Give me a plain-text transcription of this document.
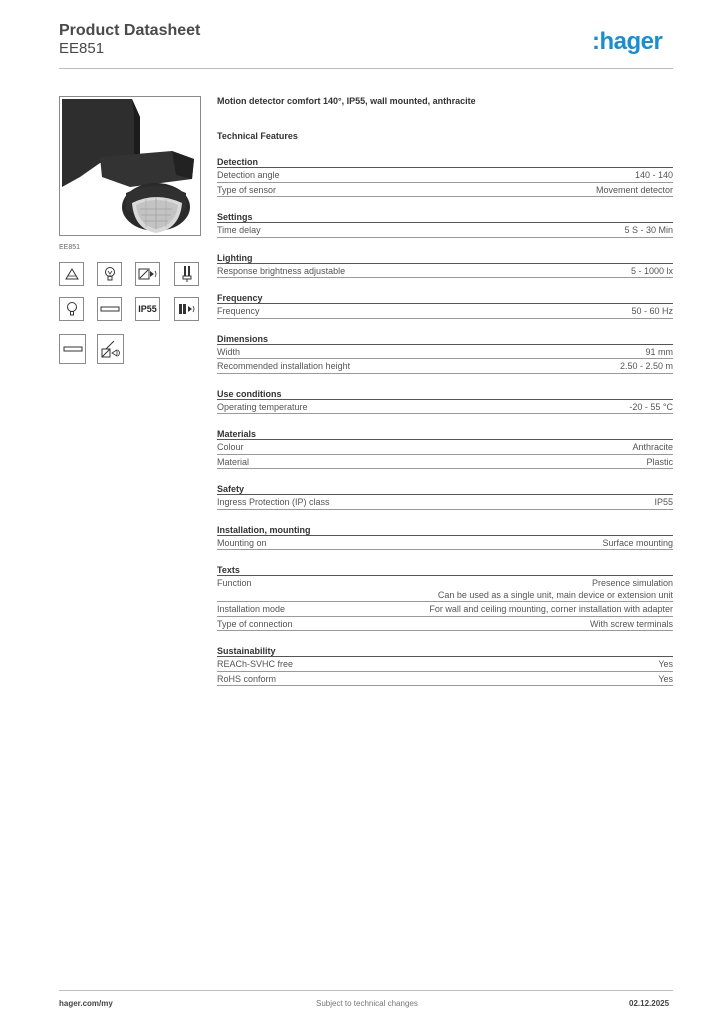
Product Datasheet
EE851	:hager
EE851
IP55
Motion detector comfort 140°, IP55, wall mounted, anthracite
Technical Features
Detection
Detection angle	140 - 140
Type of sensor	Movement detector
Settings
Time delay	5 S - 30 Min
Lighting
Response brightness adjustable	5 - 1000 lx
Frequency
Frequency	50 - 60 Hz
Dimensions
Width	91 mm
Recommended installation height	2.50 - 2.50 m
Use conditions
Operating temperature	-20 - 55 °C
Materials
Colour	Anthracite
Material	Plastic
Safety
Ingress Protection (IP) class	IP55
Installation, mounting
Mounting on	Surface mounting
Texts
Function	Presence simulation
Can be used as a single unit, main device or extension unit
Installation mode	For wall and ceiling mounting, corner installation with adapter
Type of connection	With screw terminals
Sustainability
REACh-SVHC free	Yes
RoHS conform	Yes
hager.com/my	Subject to technical changes	02.12.2025
